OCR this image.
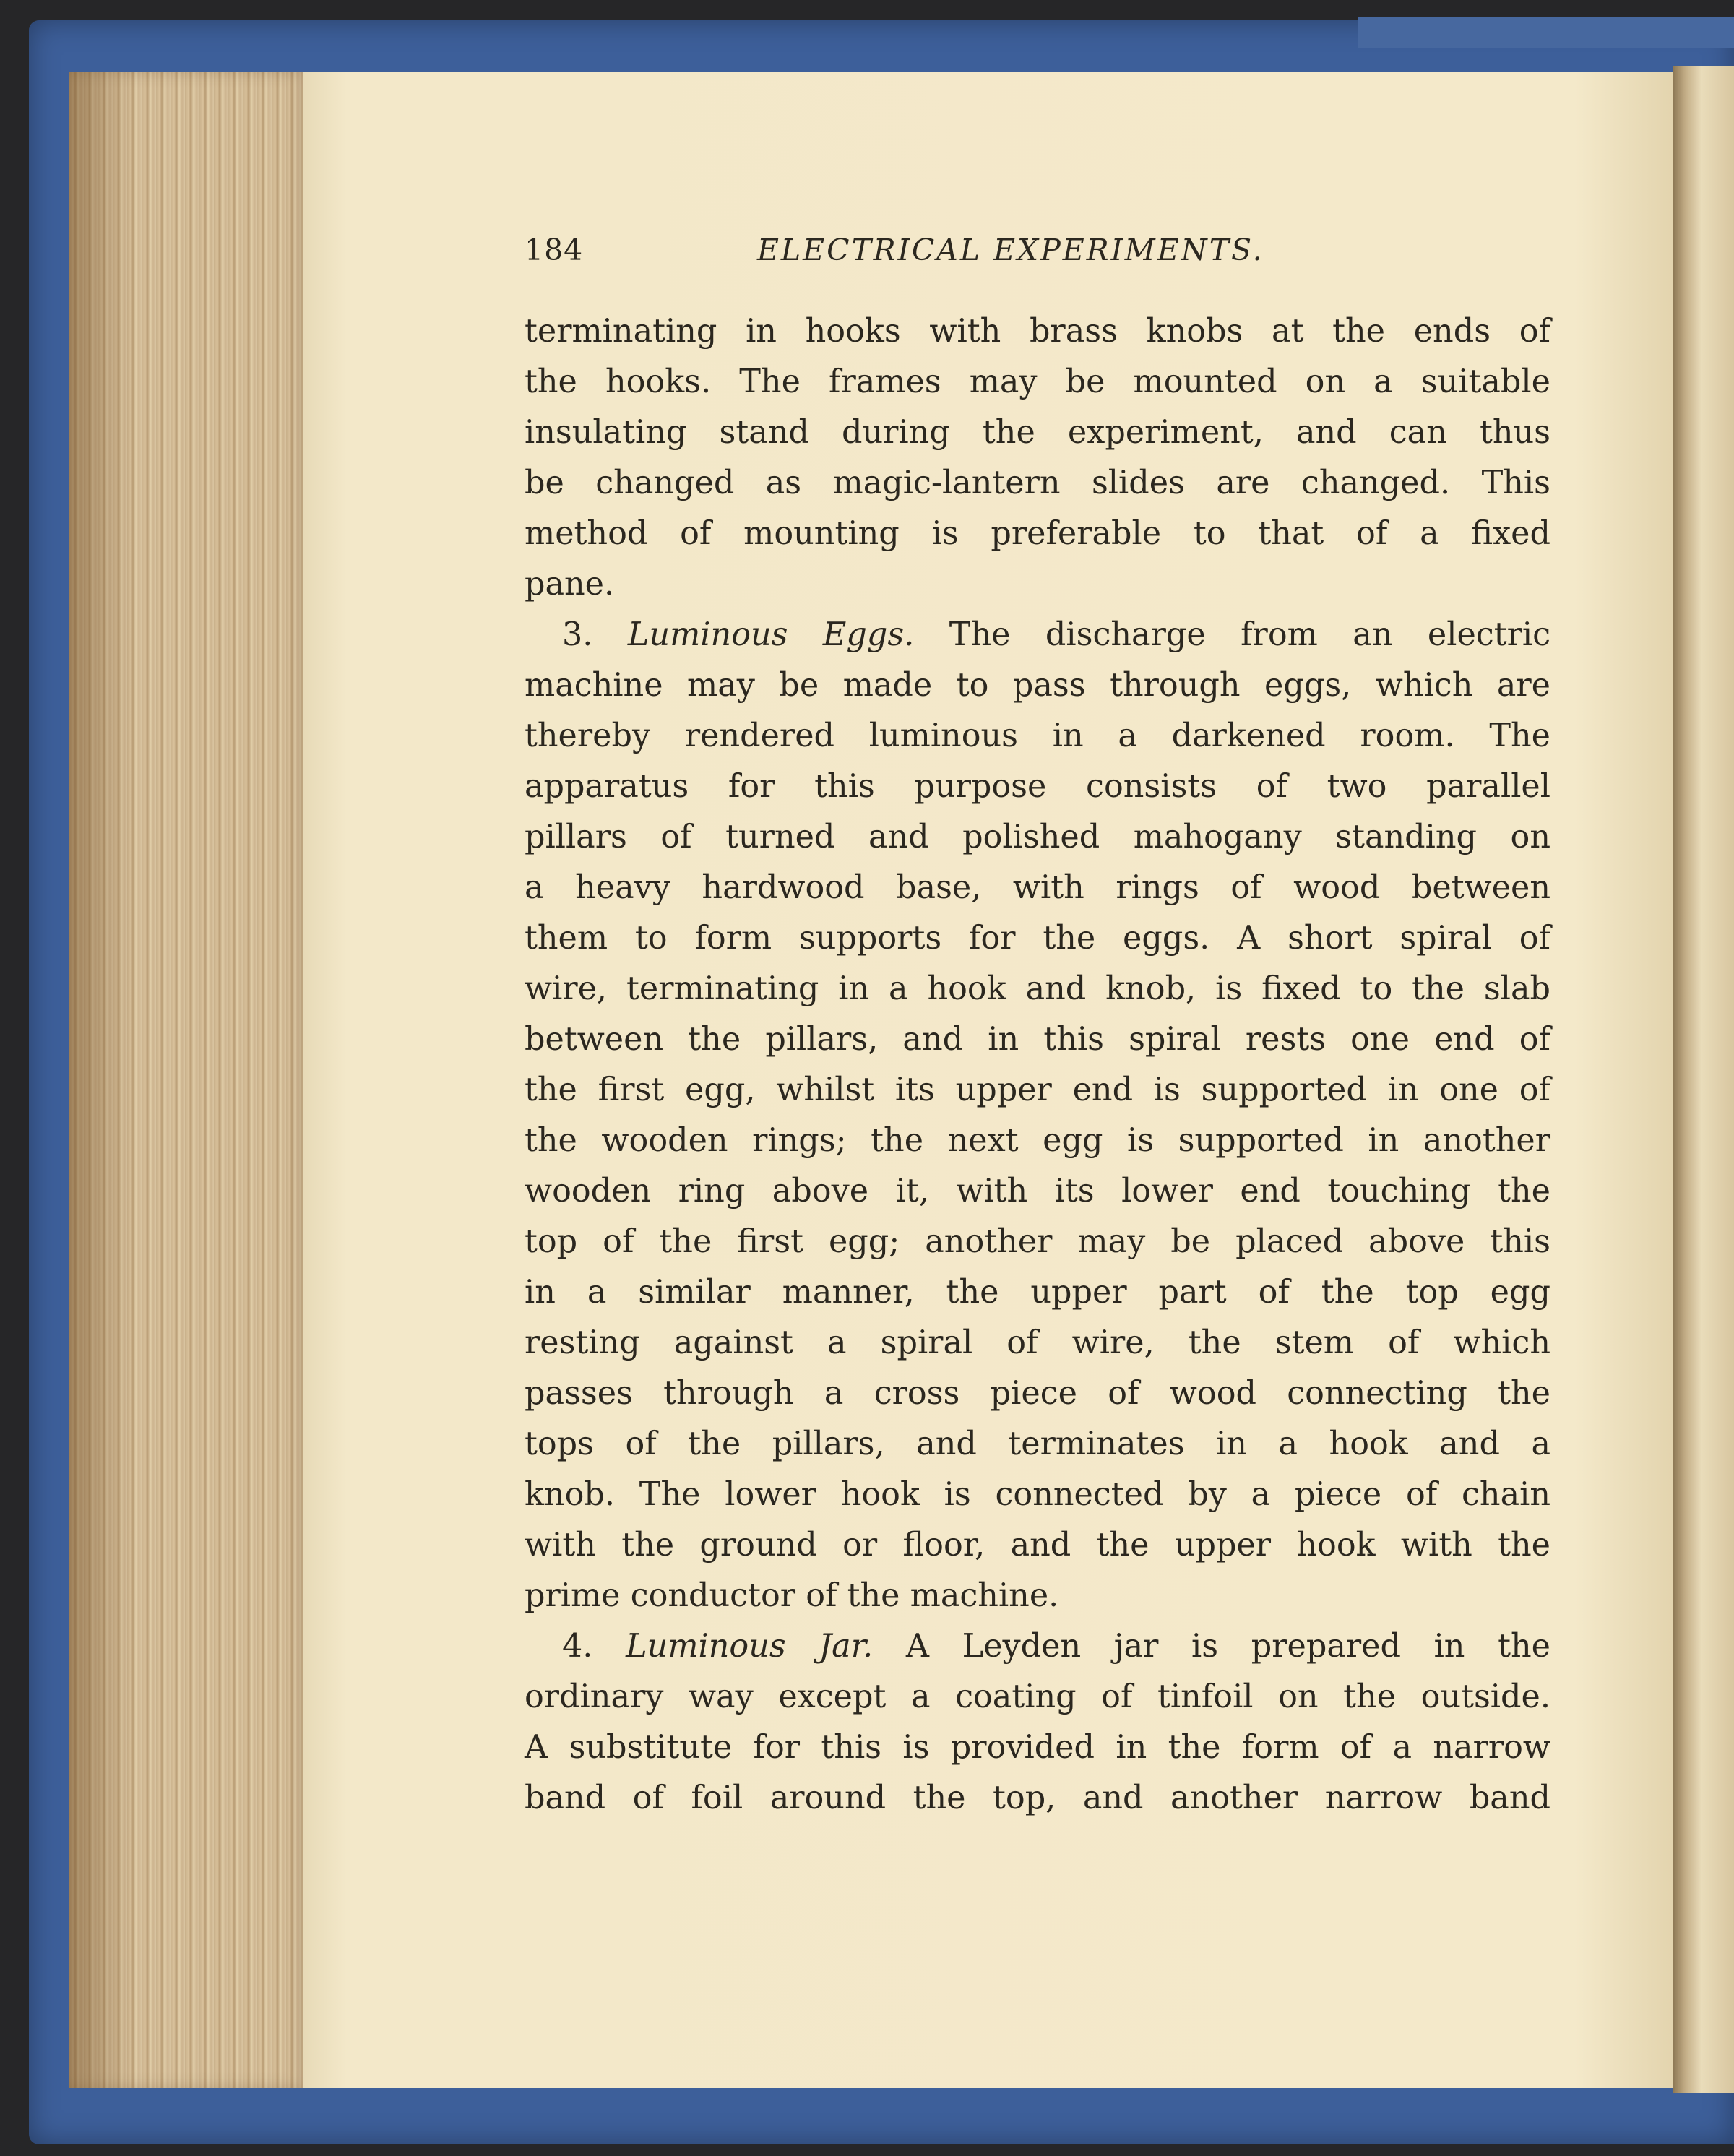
184	ELECTRICAL EXPERIMENTS.
terminating in hooks with brass knobs at the ends of
the hooks. The frames may be mounted on a suitable
insulating stand during the experiment, and can thus
be changed as magic-lantern slides are changed. This
method of mounting is preferable to that of a fixed
pane.
3. Luminous Eggs. The discharge from an electric
machine may be made to pass through eggs, which are
thereby rendered luminous in a darkened room. The
apparatus for this purpose consists of two parallel
pillars of turned and polished mahogany standing on
a heavy hardwood base, with rings of wood between
them to form supports for the eggs. A short spiral of
wire, terminating in a hook and knob, is fixed to the slab
between the pillars, and in this spiral rests one end of
the first egg, whilst its upper end is supported in one of
the wooden rings; the next egg is supported in another
wooden ring above it, with its lower end touching the
top of the first egg; another may be placed above this
in a similar manner, the upper part of the top egg
resting against a spiral of wire, the stem of which
passes through a cross piece of wood connecting the
tops of the pillars, and terminates in a hook and a
knob. The lower hook is connected by a piece of chain
with the ground or floor, and the upper hook with the
prime conductor of the machine.
4. Luminous Jar. A Leyden jar is prepared in the
ordinary way except a coating of tinfoil on the outside.
A substitute for this is provided in the form of a narrow
band of foil around the top, and another narrow band
